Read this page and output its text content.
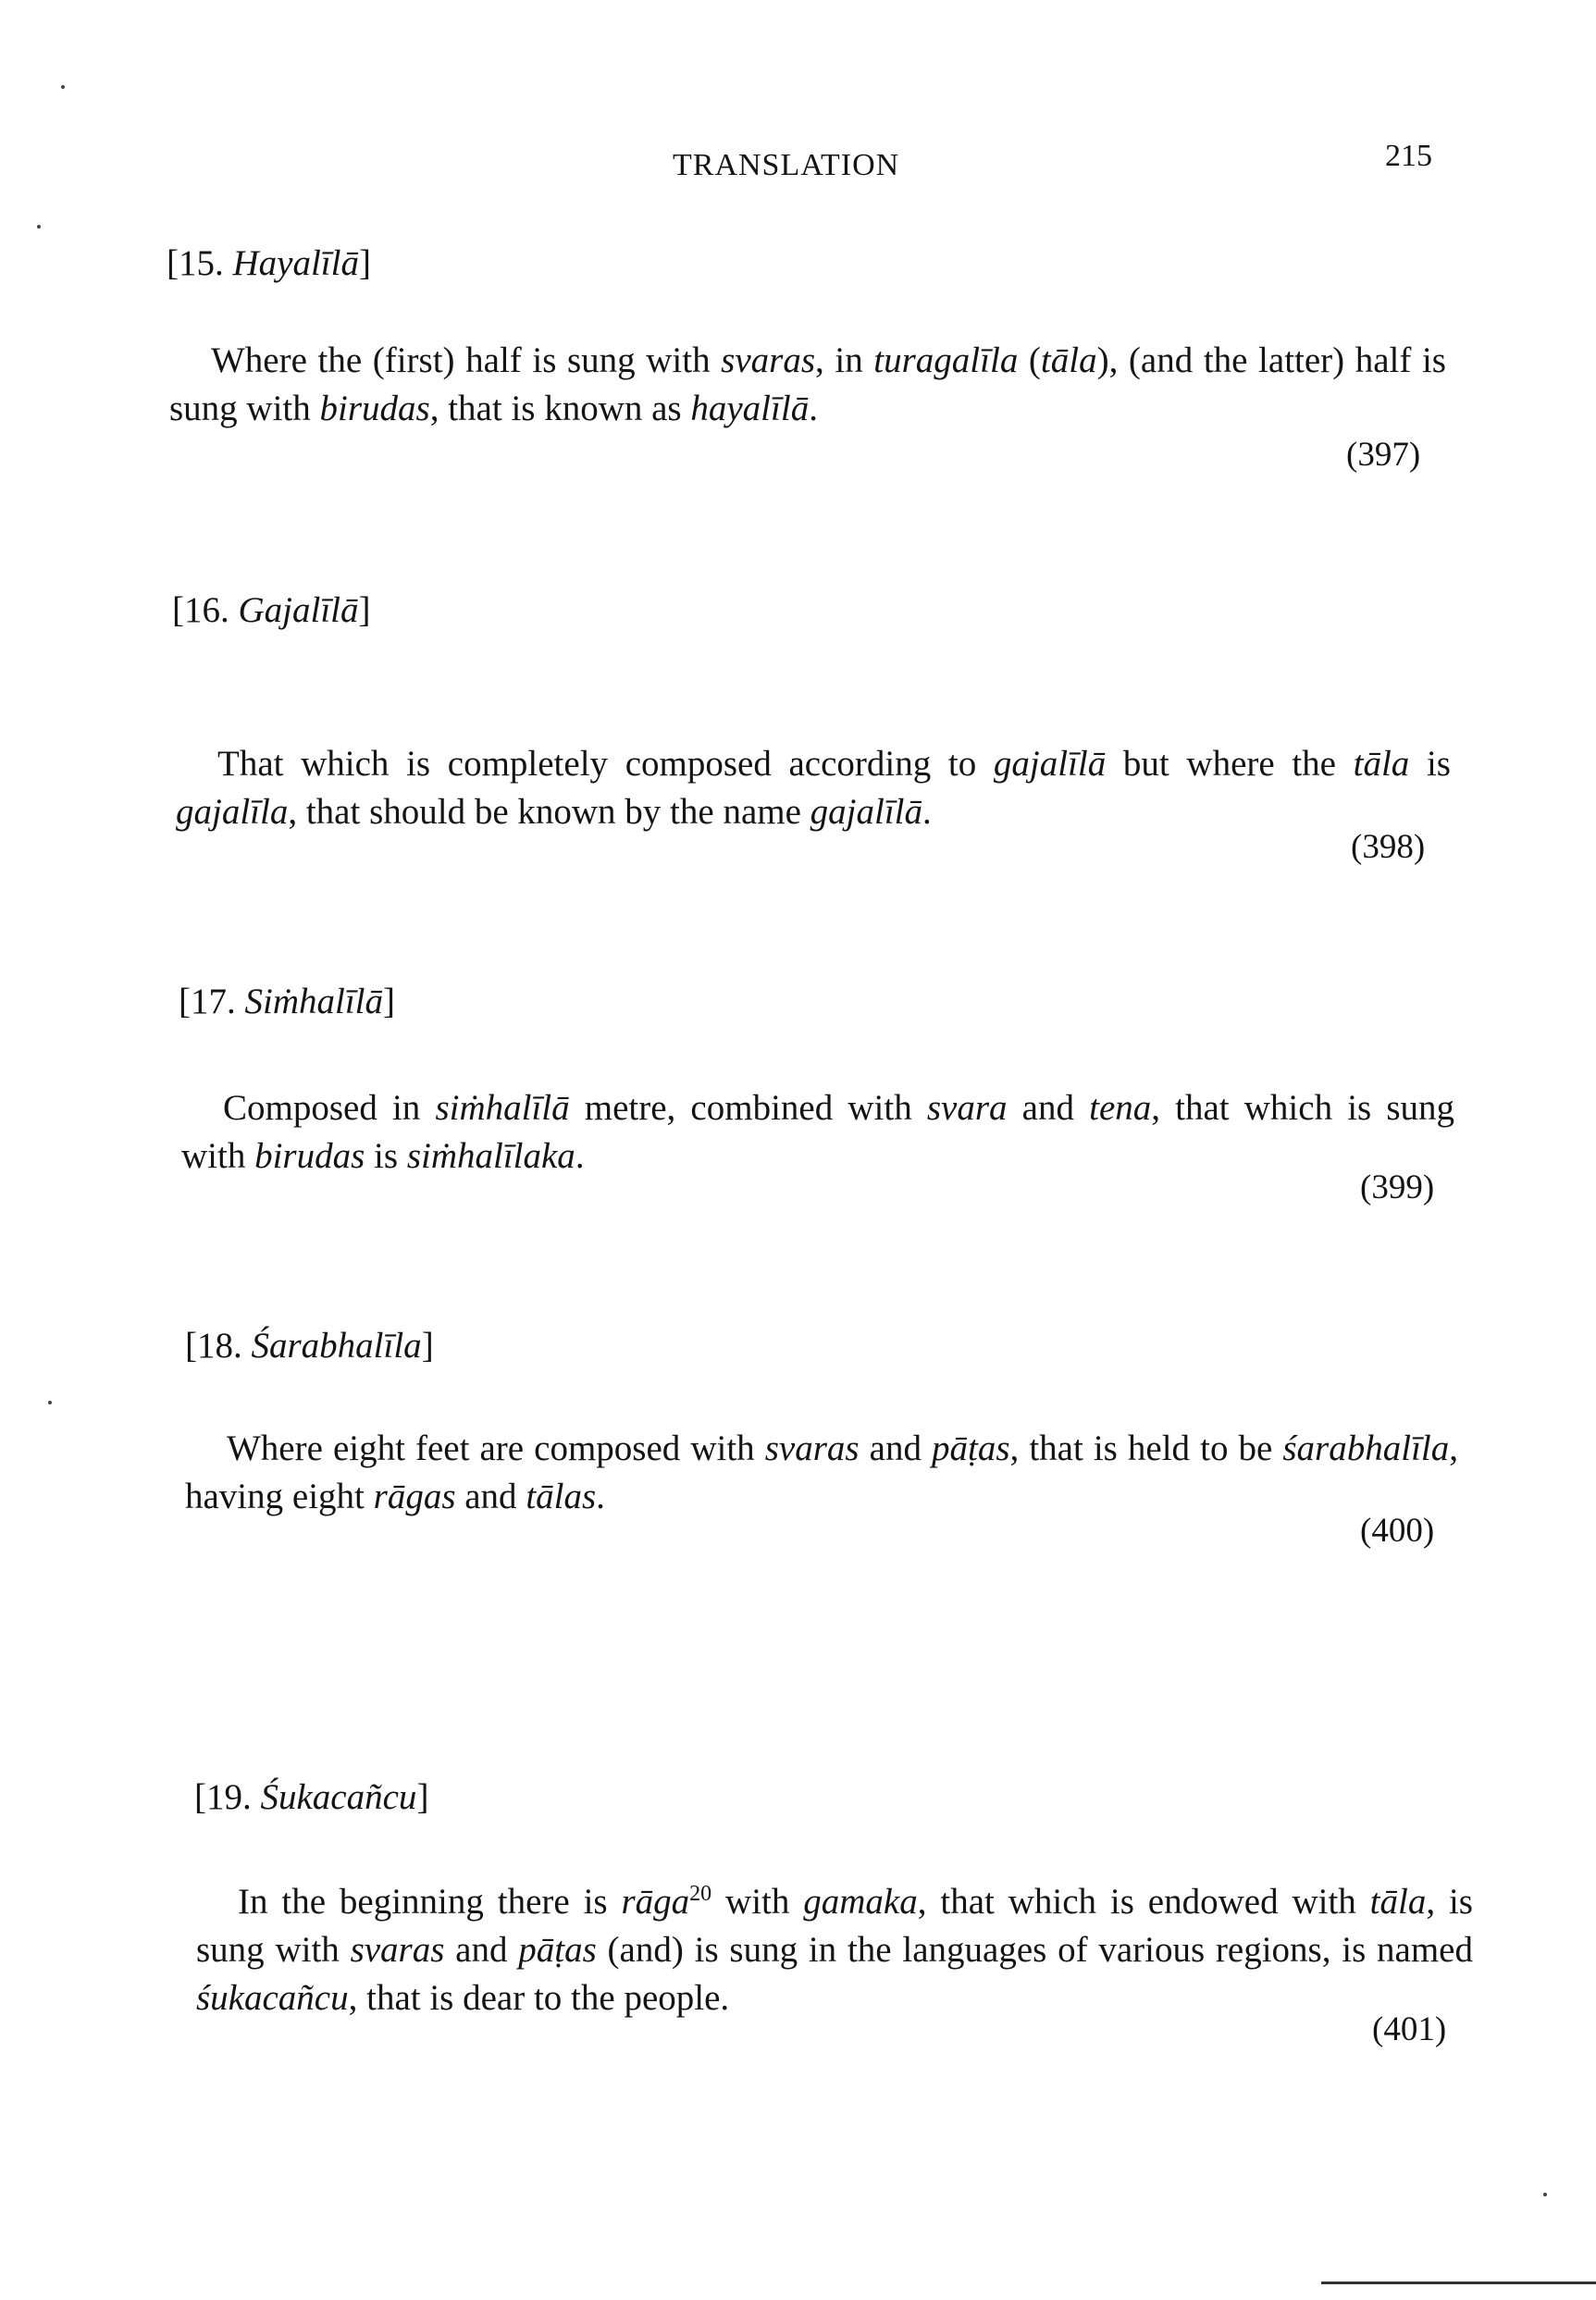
TRANSLATION	215
[15. Hayalīlā]
Where the (first) half is sung with svaras, in turagalīla (tāla), (and the latter) half is sung with birudas, that is known as hayalīlā.
(397)
[16. Gajalīlā]
That which is completely composed according to gajalīlā but where the tāla is gajalīla, that should be known by the name gajalīlā.
(398)
[17. Siṁhalīlā]
Composed in siṁhalīlā metre, combined with svara and tena, that which is sung with birudas is siṁhalīlaka.
(399)
[18. Śarabhalīla]
Where eight feet are composed with svaras and pāṭas, that is held to be śarabhalīla, having eight rāgas and tālas.
(400)
[19. Śukacañcu]
In the beginning there is rāga$^{20}$ with gamaka, that which is endowed with tāla, is sung with svaras and pāṭas (and) is sung in the languages of various regions, is named śukacañcu, that is dear to the people.
(401)
